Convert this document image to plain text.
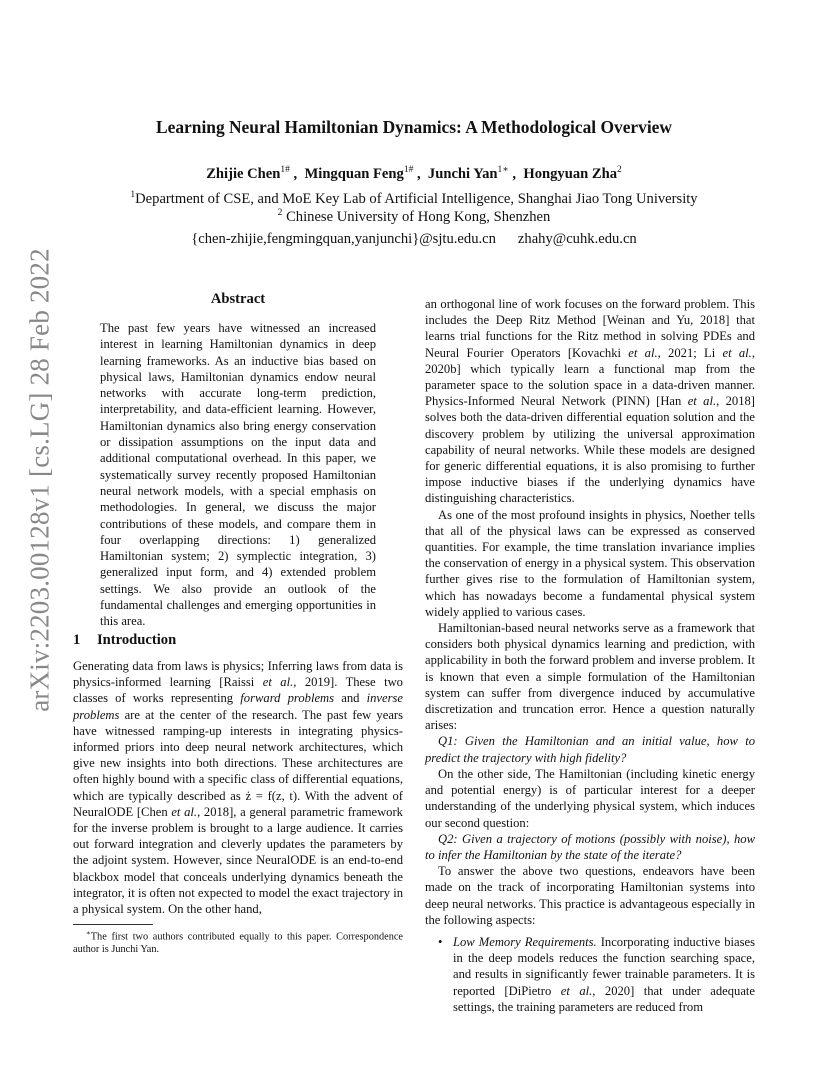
arXiv:2203.00128v1 [cs.LG] 28 Feb 2022
Learning Neural Hamiltonian Dynamics: A Methodological Overview
Zhijie Chen$^{1\#}$ ,  Mingquan Feng$^{1\#}$ ,  Junchi Yan$^{1∗}$ ,  Hongyuan Zha$^2$
$^1$Department of CSE, and MoE Key Lab of Artificial Intelligence, Shanghai Jiao Tong University
$^2$ Chinese University of Hong Kong, Shenzhen
{chen-zhijie,fengmingquan,yanjunchi}@sjtu.edu.cn zhahy@cuhk.edu.cn
Abstract
The past few years have witnessed an increased interest in learning Hamiltonian dynamics in deep learning frameworks. As an inductive bias based on physical laws, Hamiltonian dynamics endow neural networks with accurate long-term prediction, interpretability, and data-efficient learning. However, Hamiltonian dynamics also bring energy conservation or dissipation assumptions on the input data and additional computational overhead. In this paper, we systematically survey recently proposed Hamiltonian neural network models, with a special emphasis on methodologies. In general, we discuss the major contributions of these models, and compare them in four overlapping directions: 1) generalized Hamiltonian system; 2) symplectic integration, 3) generalized input form, and 4) extended problem settings. We also provide an outlook of the fundamental challenges and emerging opportunities in this area.
1 Introduction

Generating data from laws is physics; Inferring laws from data is physics-informed learning [Raissi et al., 2019]. These two classes of works representing forward problems and inverse problems are at the center of the research. The past few years have witnessed ramping-up interests in integrating physics-informed priors into deep neural network architectures, which give new insights into both directions. These architectures are often highly bound with a specific class of differential equations, which are typically described as ż = f(z, t). With the advent of NeuralODE [Chen et al., 2018], a general parametric framework for the inverse problem is brought to a large audience. It carries out forward integration and cleverly updates the parameters by the adjoint system. However, since NeuralODE is an end-to-end blackbox model that conceals underlying dynamics beneath the integrator, it is often not expected to model the exact trajectory in a physical system. On the other hand,

∗The first two authors contributed equally to this paper. Correspondence author is Junchi Yan.

an orthogonal line of work focuses on the forward problem. This includes the Deep Ritz Method [Weinan and Yu, 2018] that learns trial functions for the Ritz method in solving PDEs and Neural Fourier Operators [Kovachki et al., 2021; Li et al., 2020b] which typically learn a functional map from the parameter space to the solution space in a data-driven manner. Physics-Informed Neural Network (PINN) [Han et al., 2018] solves both the data-driven differential equation solution and the discovery problem by utilizing the universal approximation capability of neural networks. While these models are designed for generic differential equations, it is also promising to further impose inductive biases if the underlying dynamics have distinguishing characteristics.

As one of the most profound insights in physics, Noether tells that all of the physical laws can be expressed as conserved quantities. For example, the time translation invariance implies the conservation of energy in a physical system. This observation further gives rise to the formulation of Hamiltonian system, which has nowadays become a fundamental physical system widely applied to various cases.

Hamiltonian-based neural networks serve as a framework that considers both physical dynamics learning and prediction, with applicability in both the forward problem and inverse problem. It is known that even a simple formulation of the Hamiltonian system can suffer from divergence induced by accumulative discretization and truncation error. Hence a question naturally arises:

Q1: Given the Hamiltonian and an initial value, how to predict the trajectory with high fidelity?

On the other side, The Hamiltonian (including kinetic energy and potential energy) is of particular interest for a deeper understanding of the underlying physical system, which induces our second question:

Q2: Given a trajectory of motions (possibly with noise), how to infer the Hamiltonian by the state of the iterate?

To answer the above two questions, endeavors have been made on the track of incorporating Hamiltonian systems into deep neural networks. This practice is advantageous especially in the following aspects:

• Low Memory Requirements. Incorporating inductive biases in the deep models reduces the function searching space, and results in significantly fewer trainable parameters. It is reported [DiPietro et al., 2020] that under adequate settings, the training parameters are reduced from
